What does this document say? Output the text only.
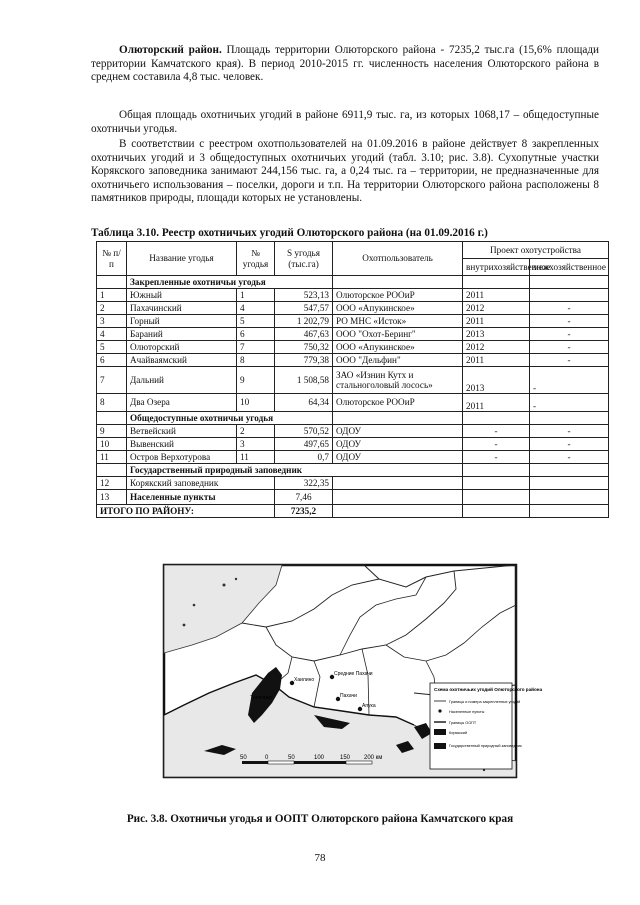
Олюторский район. Площадь территории Олюторского района - 7235,2 тыс.га (15,6% площади территории Камчатского края). В период 2010-2015 гг. численность населения Олюторского района в среднем составила 4,8 тыс. человек.

Общая площадь охотничьих угодий в районе 6911,9 тыс. га, из которых 1068,17 – общедоступные охотничьи угодья.

В соответствии с реестром охотпользователей на 01.09.2016 в районе действует 8 закрепленных охотничьих угодий и 3 общедоступных охотничьих угодий (табл. 3.10; рис. 3.8). Сухопутные участки Корякского заповедника занимают 244,156 тыс. га, а 0,24 тыс. га – территории, не предназначенные для охотничьего использования – поселки, дороги и т.п. На территории Олюторского района расположены 8 памятников природы, площади которых не установлены.

Таблица 3.10. Реестр охотничьих угодий Олюторского района (на 01.09.2016 г.)
№ п/п	Название угодья	№ угодья	S угодья (тыс.га)	Охотпользователь	Проект охотустройства	
					внутрихозяйственное	межхозяйственное
	Закрепленные охотничьи угодья					
1	Южный	1	523,13	Олюторское РООиР	2011	
2	Пахачинский	4	547,57	ООО «Апукинское»	2012	-
3	Горный	5	1 202,79	РО МНС «Исток»	2011	-
4	Бараний	6	467,63	ООО "Охот-Беринг"	2013	-
5	Олюторский	7	750,32	ООО «Апукинское»	2012	-
6	Ачайваямский	8	779,38	ООО "Дельфин"	2011	-
7	Дальний	9	1 508,58	ЗАО «Изнин Кутх и стальноголовый лосось»	2013	-
8	Два Озера	10	64,34	Олюторское РООиР	2011	-
	Общедоступные охотничьи угодья					
9	Ветвейский	2	570,52	ОДОУ	-	-
10	Вывенский	3	497,65	ОДОУ	-	-
11	Остров Верхотурова	11	0,7	ОДОУ	-	-
	Государственный природный заповедник					
12	Корякский заповедник		322,35			
13	Населенные пункты		7,46			
ИТОГО ПО РАЙОНУ:			7235,2			
Хаилино
Средние Пахачи
Пахачи
Апука
Тиличики
50	0	50	100	150 200 км
Схема охотничьих угодий Олюторского района
Границы и номера закрепленных угодий
Населенные пункты
Границы ООПТ
Корякский
Государственный природный заповедник
Рис. 3.8. Охотничьи угодья и ООПТ Олюторского района Камчатского края
78
